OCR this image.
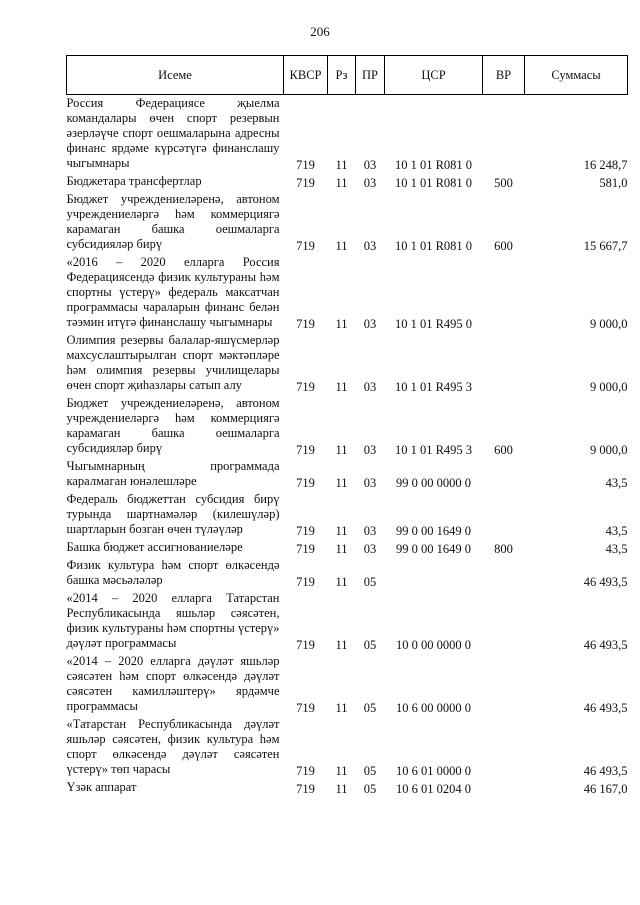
206
Исеме	КВСР	Рз	ПР	ЦСР	ВР	Суммасы
Россия Федерациясе җыелма командалары өчен спорт резервын әзерләүче спорт оешмаларына адресны финанс ярдәме күрсәтүгә финанслашу чыгымнары	719	11	03	10 1 01 R081 0		16 248,7
Бюджетара трансфертлар	719	11	03	10 1 01 R081 0	500	581,0
Бюджет учреждениеләренә, автоном учреждениеләргә һәм коммерциягә карамаган башка оешмаларга субсидияләр бирү	719	11	03	10 1 01 R081 0	600	15 667,7
«2016 – 2020 елларга Россия Федерациясендә физик культураны һәм спортны үстерү» федераль максатчан программасы чараларын финанс белән тәэмин итүгә финанслашу чыгымнары	719	11	03	10 1 01 R495 0		9 000,0
Олимпия резервы балалар-яшүсмерләр махсуслаштырылган спорт мәктәпләре һәм олимпия резервы училищелары өчен спорт җиһазлары сатып алу	719	11	03	10 1 01 R495 3		9 000,0
Бюджет учреждениеләренә, автоном учреждениеләргә һәм коммерциягә карамаган башка оешмаларга субсидияләр бирү	719	11	03	10 1 01 R495 3	600	9 000,0
Чыгымнарның программада каралмаган юнәлешләре	719	11	03	99 0 00 0000 0		43,5
Федераль бюджеттан субсидия бирү турында шартнамәләр (килешүләр) шартларын бозган өчен түләүләр	719	11	03	99 0 00 1649 0		43,5
Башка бюджет ассигнованиеләре	719	11	03	99 0 00 1649 0	800	43,5
Физик культура һәм спорт өлкәсендә башка мәсьәләләр	719	11	05			46 493,5
«2014 – 2020 елларга Татарстан Республикасында яшьләр сәясәтен, физик культураны һәм спортны үстерү» дәүләт программасы	719	11	05	10 0 00 0000 0		46 493,5
«2014 – 2020 елларга дәүләт яшьләр сәясәтен һәм спорт өлкәсендә дәүләт сәясәтен камилләштерү» ярдәмче программасы	719	11	05	10 6 00 0000 0		46 493,5
«Татарстан Республикасында дәүләт яшьләр сәясәтен, физик культура һәм спорт өлкәсендә дәүләт сәясәтен үстерү» төп чарасы	719	11	05	10 6 01 0000 0		46 493,5
Үзәк аппарат	719	11	05	10 6 01 0204 0		46 167,0
